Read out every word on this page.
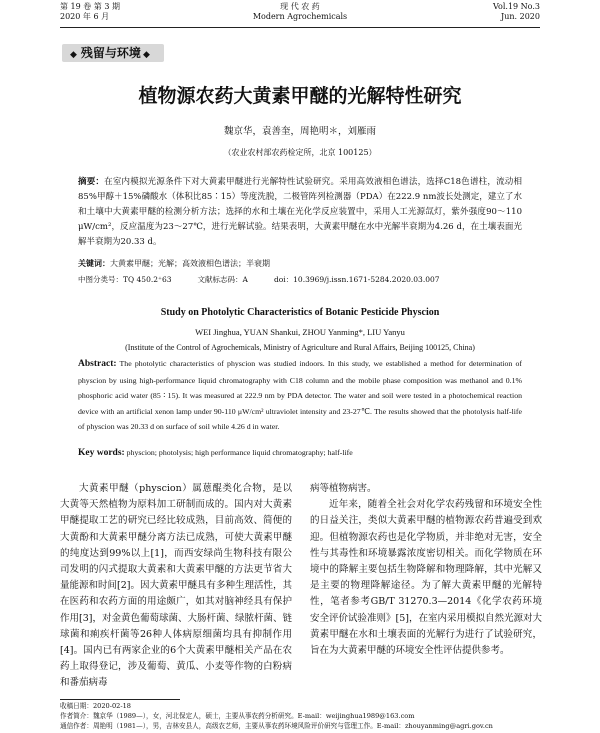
第 19 卷 第 3 期
2020 年 6 月
现 代 农 药
Modern Agrochemicals
Vol.19 No.3
Jun. 2020
◆ 残留与环境 ◆
植物源农药大黄素甲醚的光解特性研究
魏京华，袁善奎，周艳明＊，刘雁雨
（农业农村部农药检定所，北京 100125）
摘要：在室内模拟光源条件下对大黄素甲醚进行光解特性试验研究。采用高效液相色谱法，选择C18色谱柱，流动相85%甲醇＋15%磷酸水（体积比85∶15）等度洗脱，二极管阵列检测器（PDA）在222.9 nm波长处测定，建立了水和土壤中大黄素甲醚的检测分析方法；选择的水和土壤在光化学反应装置中，采用人工光源氙灯，紫外强度90～110 μW/cm²，反应温度为23～27℃，进行光解试验。结果表明，大黄素甲醚在水中光解半衰期为4.26 d，在土壤表面光解半衰期为20.33 d。
关键词：大黄素甲醚；光解；高效液相色谱法；半衰期
中图分类号：TQ 450.2⁺63	文献标志码：A	doi：10.3969/j.issn.1671-5284.2020.03.007
Study on Photolytic Characteristics of Botanic Pesticide Physcion
WEI Jinghua, YUAN Shankui, ZHOU Yanming*, LIU Yanyu
(Institute of the Control of Agrochemicals, Ministry of Agriculture and Rural Affairs, Beijing 100125, China)
Abstract: The photolytic characteristics of physcion was studied indoors. In this study, we established a method for determination of physcion by using high-performance liquid chromatography with C18 column and the mobile phase composition was methanol and 0.1% phosphoric acid water (85 ∶ 15). It was measured at 222.9 nm by PDA detector. The water and soil were tested in a photochemical reaction device with an artificial xenon lamp under 90-110 μW/cm² ultraviolet intensity and 23-27℃. The results showed that the photolysis half-life of physcion was 20.33 d on surface of soil while 4.26 d in water.
Key words: physcion; photolysis; high performance liquid chromatography; half-life

大黄素甲醚（physcion）属蒽醌类化合物，是以大黄等天然植物为原料加工研制而成的。国内对大黄素甲醚提取工艺的研究已经比较成熟，目前高效、简便的大黄酚和大黄素甲醚分离方法已成熟，可使大黄素甲醚的纯度达到99%以上[1]，而西安绿尚生物科技有限公司发明的闪式提取大黄素和大黄素甲醚的方法更节省大量能源和时间[2]。因大黄素甲醚具有多种生理活性，其在医药和农药方面的用途颇广，如其对脑神经具有保护作用[3]，对金黄色葡萄球菌、大肠杆菌、绿脓杆菌、链球菌和痢疾杆菌等26种人体病原细菌均具有抑制作用[4]。国内已有两家企业的6个大黄素甲醚相关产品在农药上取得登记，涉及葡萄、黄瓜、小麦等作物的白粉病和番茄病毒

病等植物病害。

近年来，随着全社会对化学农药残留和环境安全性的日益关注，类似大黄素甲醚的植物源农药普遍受到欢迎。但植物源农药也是化学物质，并非绝对无害，安全性与其毒性和环境暴露浓度密切相关。而化学物质在环境中的降解主要包括生物降解和物理降解，其中光解又是主要的物理降解途径。为了解大黄素甲醚的光解特性，笔者参考GB/T 31270.3—2014《化学农药环境安全评价试验准则》[5]，在室内采用模拟自然光源对大黄素甲醚在水和土壤表面的光解行为进行了试验研究，旨在为大黄素甲醚的环境安全性评估提供参考。

收稿日期：2020-02-18
作者简介：魏京华（1989—），女，河北保定人，硕士，主要从事农药分析研究。E-mail：weijinghua1989@163.com
通信作者：周艳明（1981—），男，吉林安县人，高级农艺师，主要从事农药环境风险评价研究与管理工作。E-mail：zhouyanming@agri.gov.cn
